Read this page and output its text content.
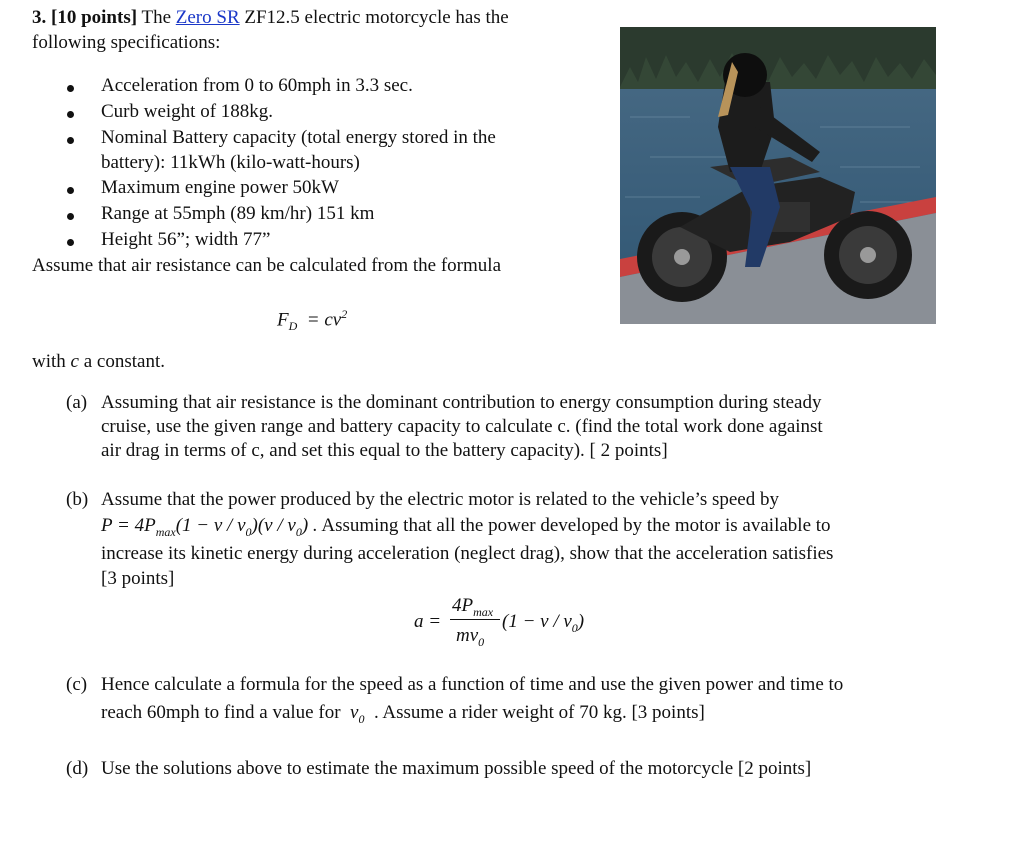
3. [10 points] The Zero SR ZF12.5 electric motorcycle has the
following specifications:
Acceleration from 0 to 60mph in 3.3 sec.
Curb weight of 188kg.
Nominal Battery capacity (total energy stored in the
battery): 11kWh (kilo-watt-hours)
Maximum engine power 50kW
Range at 55mph (89 km/hr) 151 km
Height 56”; width 77”
Assume that air resistance can be calculated from the formula
$F_D = cv^2$
with c a constant.
(a) Assuming that air resistance is the dominant contribution to energy consumption during steady
cruise, use the given range and battery capacity to calculate c. (find the total work done against
air drag in terms of c, and set this equal to the battery capacity). [ 2 points]
(b) Assume that the power produced by the electric motor is related to the vehicle’s speed by
$P = 4P_{max}(1 - v / v_0)(v / v_0)$ . Assuming that all the power developed by the motor is available to
increase its kinetic energy during acceleration (neglect drag), show that the acceleration satisfies
[3 points]
a =
$4P_{max}$
$mv_0$
$(1 - v / v_0)$
(c) Hence calculate a formula for the speed as a function of time and use the given power and time to
reach 60mph to find a value for $v_0$ . Assume a rider weight of 70 kg. [3 points]
(d) Use the solutions above to estimate the maximum possible speed of the motorcycle [2 points]
